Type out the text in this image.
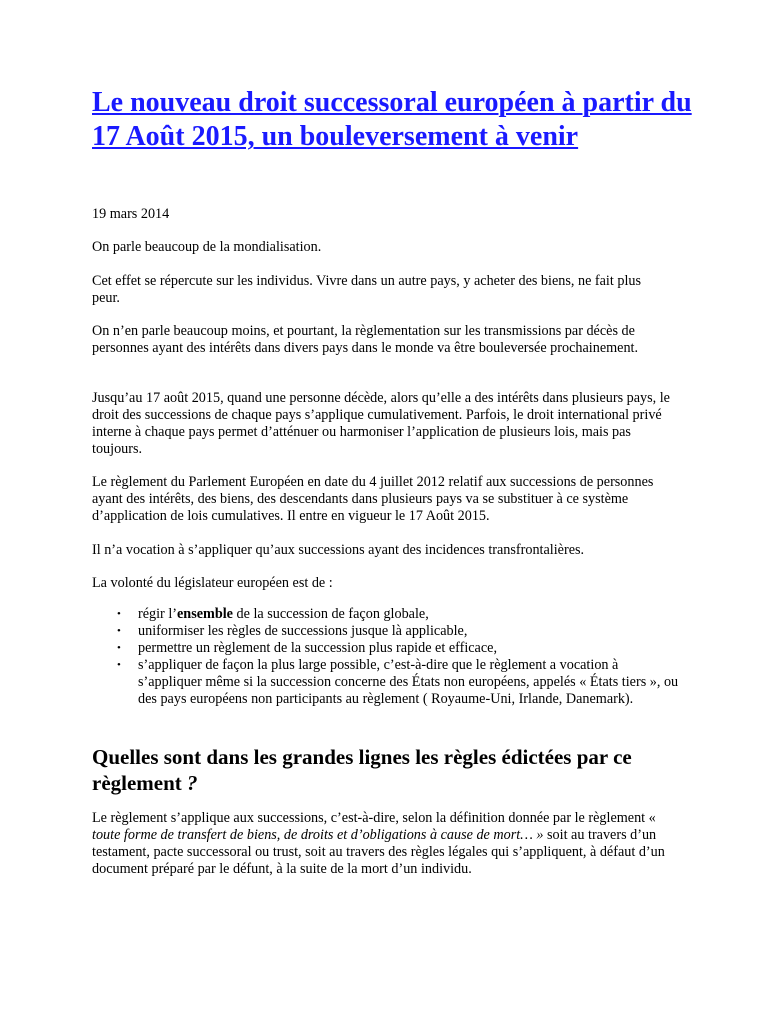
Le nouveau droit successoral européen à partir du 17 Août 2015, un bouleversement à venir

19 mars 2014

On parle beaucoup de la mondialisation.

Cet effet se répercute sur les individus. Vivre dans un autre pays, y acheter des biens, ne fait plus peur.

On n’en parle beaucoup moins, et pourtant, la règlementation sur les transmissions par décès de personnes ayant des intérêts dans divers pays dans le monde va être bouleversée prochainement.

Jusqu’au 17 août 2015, quand une personne décède, alors qu’elle a des intérêts dans plusieurs pays, le droit des successions de chaque pays s’applique cumulativement. Parfois, le droit international privé interne à chaque pays permet d’atténuer ou harmoniser l’application de plusieurs lois, mais pas toujours.

Le règlement du Parlement Européen en date du 4 juillet 2012 relatif aux successions de personnes ayant des intérêts, des biens, des descendants dans plusieurs pays va se substituer à ce système d’application de lois cumulatives. Il entre en vigueur le 17 Août 2015.

Il n’a vocation à s’appliquer qu’aux successions ayant des incidences transfrontalières.

La volonté du législateur européen est de :

• régir l’ensemble de la succession de façon globale,
• uniformiser les règles de successions jusque là applicable,
• permettre un règlement de la succession plus rapide et efficace,
• s’appliquer de façon la plus large possible, c’est-à-dire que le règlement a vocation à s’appliquer même si la succession concerne des États non européens, appelés « États tiers », ou des pays européens non participants au règlement ( Royaume-Uni, Irlande, Danemark).
Quelles sont dans les grandes lignes les règles édictées par ce règlement ?

Le règlement s’applique aux successions, c’est-à-dire, selon la définition donnée par le règlement « toute forme de transfert de biens, de droits et d’obligations à cause de mort… » soit au travers d’un testament, pacte successoral ou trust, soit au travers des règles légales qui s’appliquent, à défaut d’un document préparé par le défunt, à la suite de la mort d’un individu.
